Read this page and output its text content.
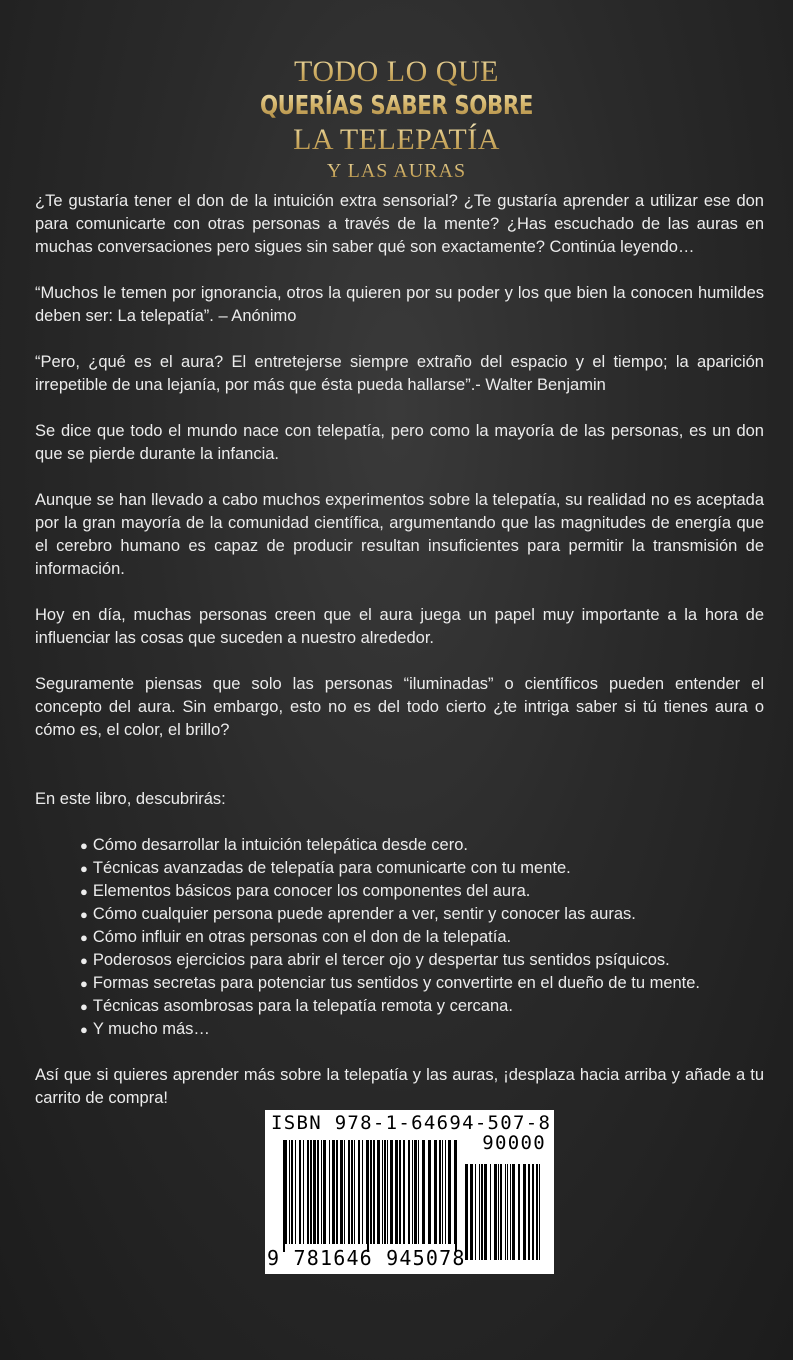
TODO LO QUE
QUERÍAS SABER SOBRE
LA TELEPATÍA
Y LAS AURAS

¿Te gustaría tener el don de la intuición extra sensorial? ¿Te gustaría aprender a utilizar ese don para comunicarte con otras personas a través de la mente? ¿Has escuchado de las auras en muchas conversaciones pero sigues sin saber qué son exactamente? Continúa leyendo…

“Muchos le temen por ignorancia, otros la quieren por su poder y los que bien la conocen humildes deben ser: La telepatía”. – Anónimo

“Pero, ¿qué es el aura? El entretejerse siempre extraño del espacio y el tiempo; la aparición irrepetible de una lejanía, por más que ésta pueda hallarse”.- Walter Benjamin

Se dice que todo el mundo nace con telepatía, pero como la mayoría de las personas, es un don que se pierde durante la infancia.

Aunque se han llevado a cabo muchos experimentos sobre la telepatía, su realidad no es aceptada por la gran mayoría de la comunidad científica, argumentando que las magnitudes de energía que el cerebro humano es capaz de producir resultan insuficientes para permitir la transmisión de información.

Hoy en día, muchas personas creen que el aura juega un papel muy importante a la hora de influenciar las cosas que suceden a nuestro alrededor.

Seguramente piensas que solo las personas “iluminadas” o científicos pueden entender el concepto del aura. Sin embargo, esto no es del todo cierto ¿te intriga saber si tú tienes aura o cómo es, el color, el brillo?

En este libro, descubrirás:

● Cómo desarrollar la intuición telepática desde cero.
● Técnicas avanzadas de telepatía para comunicarte con tu mente.
● Elementos básicos para conocer los componentes del aura.
● Cómo cualquier persona puede aprender a ver, sentir y conocer las auras.
● Cómo influir en otras personas con el don de la telepatía.
● Poderosos ejercicios para abrir el tercer ojo y despertar tus sentidos psíquicos.
● Formas secretas para potenciar tus sentidos y convertirte en el dueño de tu mente.
● Técnicas asombrosas para la telepatía remota y cercana.
● Y mucho más…

Así que si quieres aprender más sobre la telepatía y las auras, ¡desplaza hacia arriba y añade a tu carrito de compra!

ISBN 978-1-64694-507-8
90000
9 781646 945078
